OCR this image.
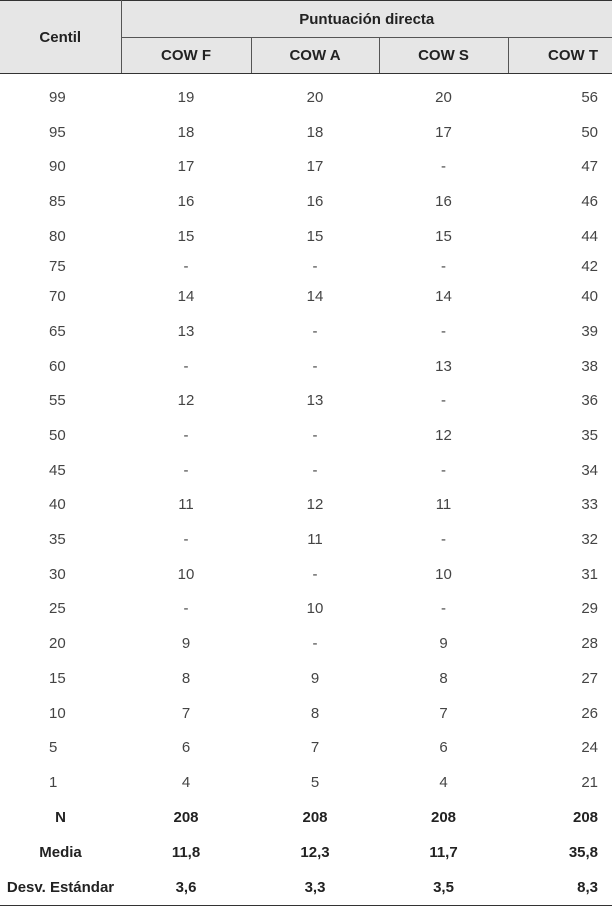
Centil	Puntuación directa			
	COW F	COW A	COW S	COW T
99	19	20	20	56
95	18	18	17	50
90	17	17	-	47
85	16	16	16	46
80	15	15	15	44
75	-	-	-	42
70	14	14	14	40
65	13	-	-	39
60	-	-	13	38
55	12	13	-	36
50	-	-	12	35
45	-	-	-	34
40	11	12	11	33
35	-	11	-	32
30	10	-	10	31
25	-	10	-	29
20	9	-	9	28
15	8	9	8	27
10	7	8	7	26
5	6	7	6	24
1	4	5	4	21
N	208	208	208	208
Media	11,8	12,3	11,7	35,8
Desv. Estándar	3,6	3,3	3,5	8,3
